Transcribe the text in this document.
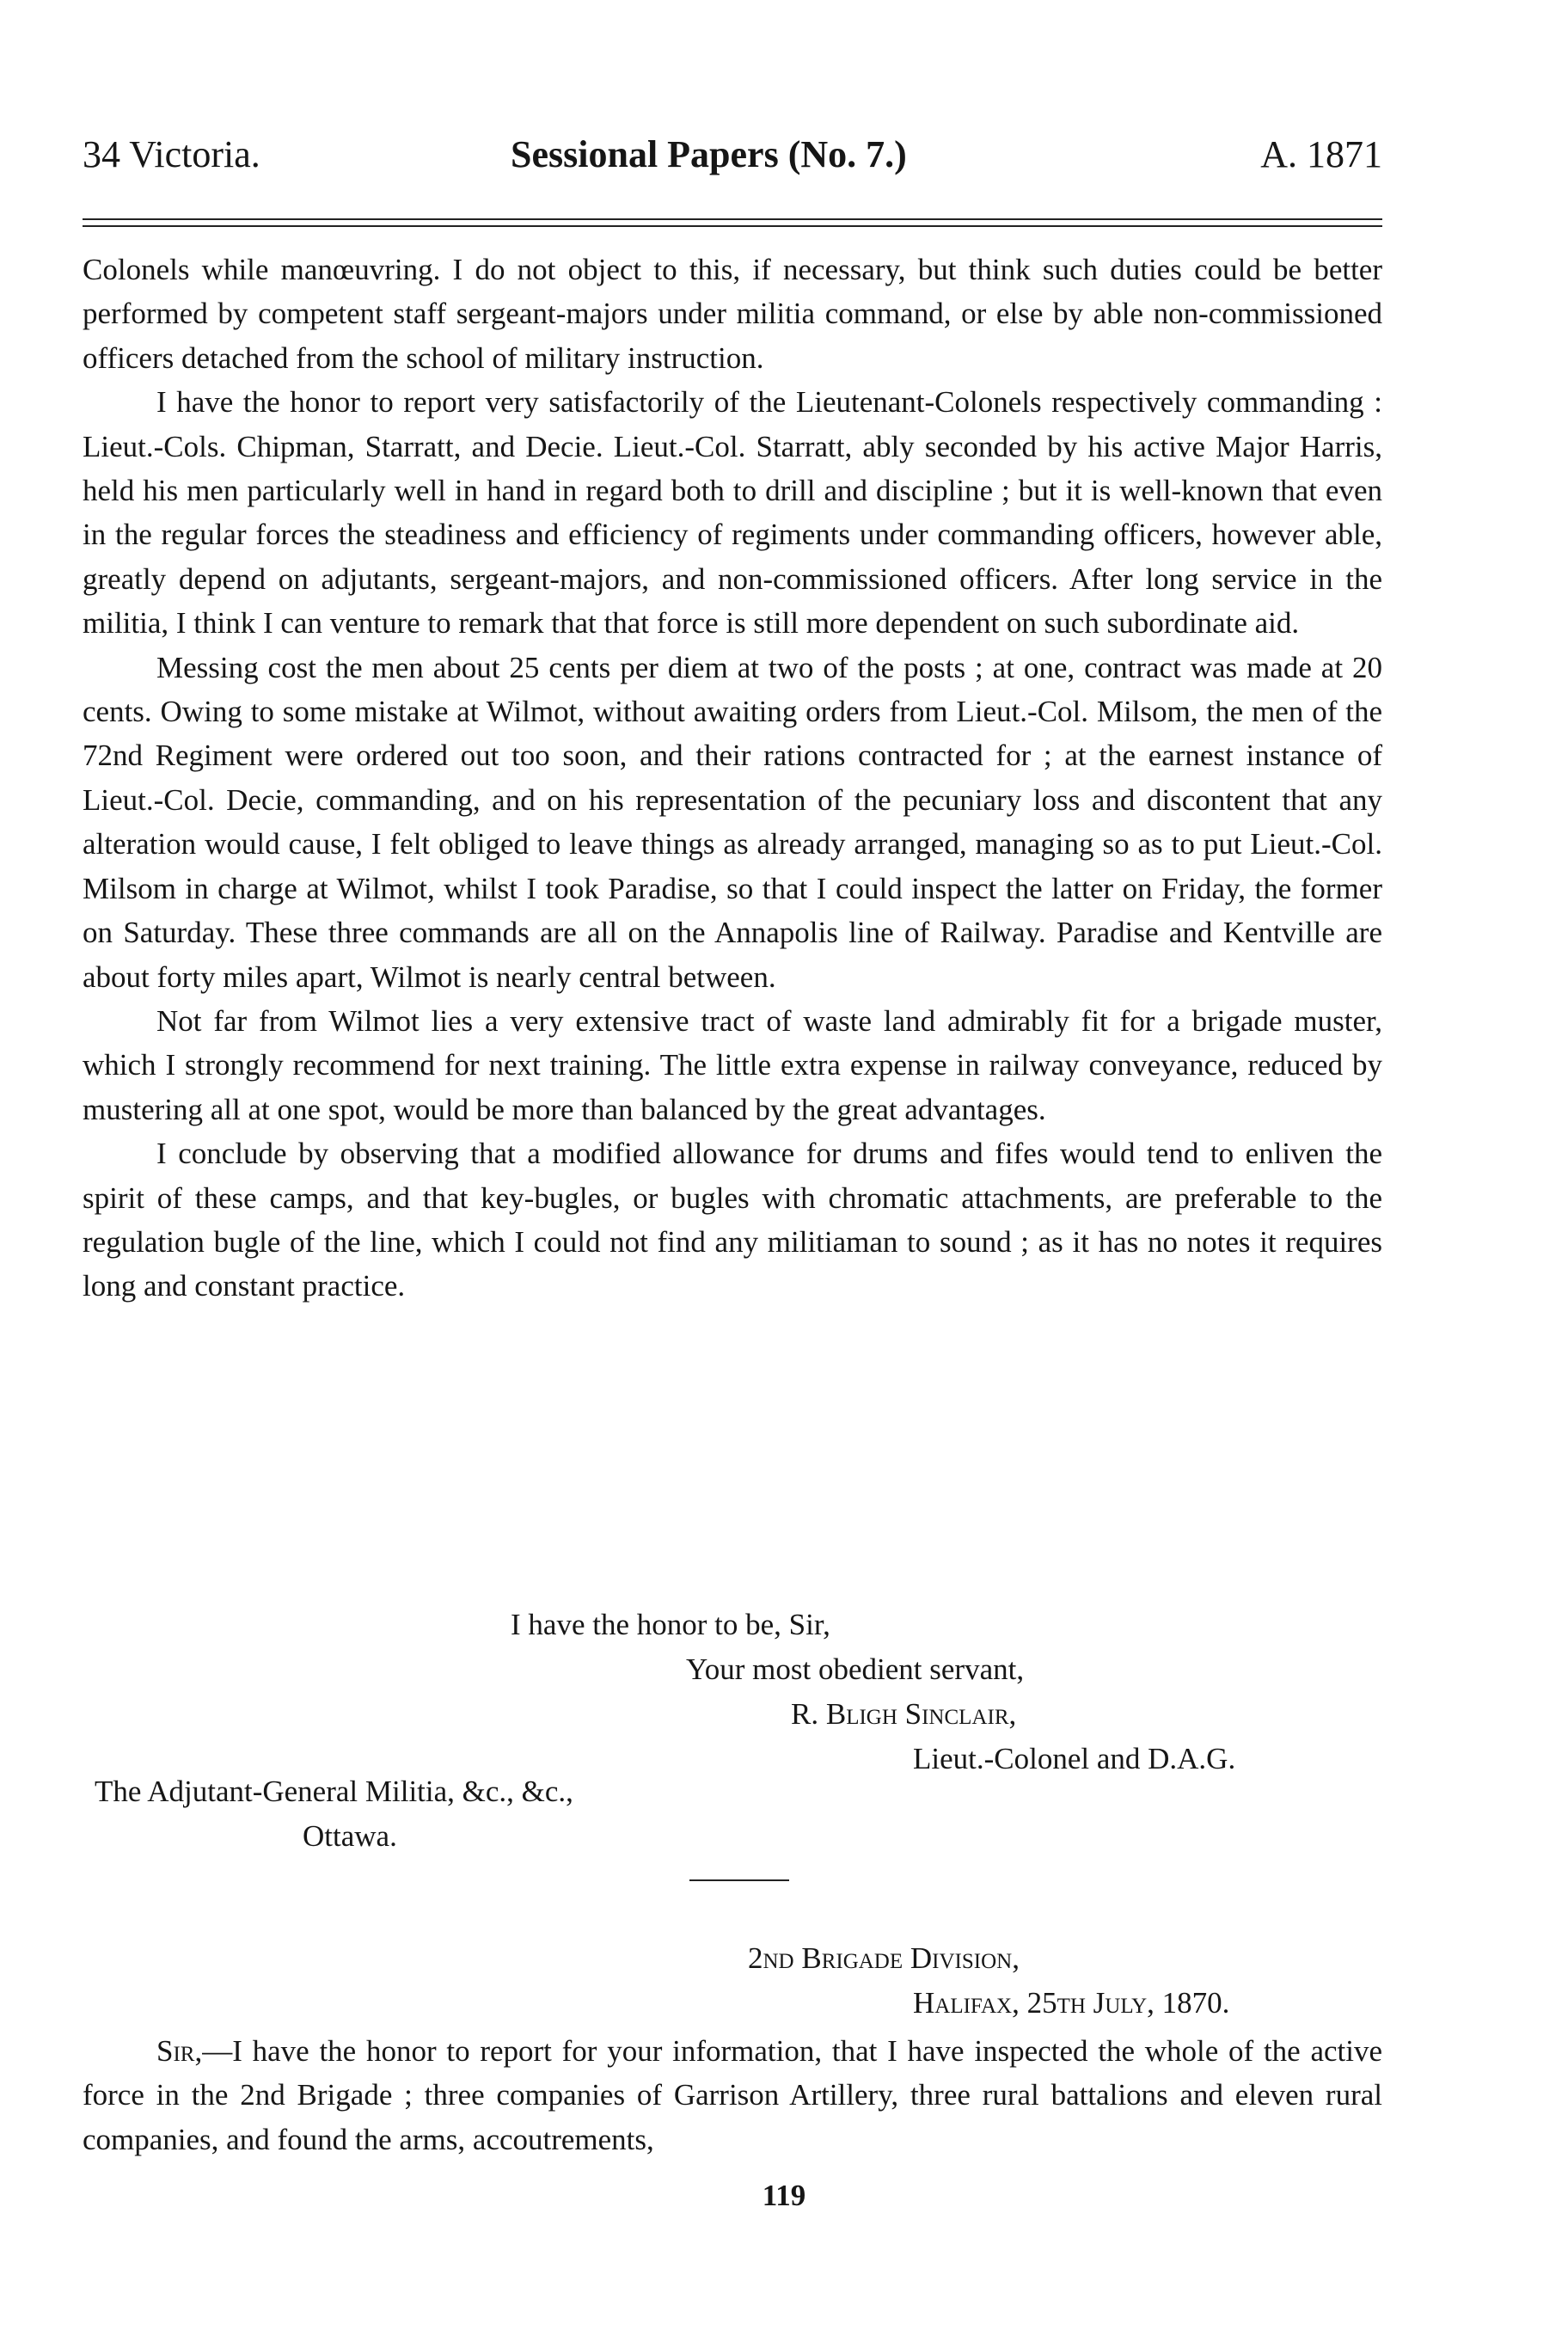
34 Victoria.	Sessional Papers (No. 7.)	A. 1871

Colonels while manœuvring. I do not object to this, if necessary, but think such duties could be better performed by competent staff sergeant-majors under militia command, or else by able non-commissioned officers detached from the school of military instruction.

I have the honor to report very satisfactorily of the Lieutenant-Colonels respectively commanding : Lieut.-Cols. Chipman, Starratt, and Decie. Lieut.-Col. Starratt, ably seconded by his active Major Harris, held his men particularly well in hand in regard both to drill and discipline ; but it is well-known that even in the regular forces the steadiness and efficiency of regiments under commanding officers, however able, greatly depend on adjutants, sergeant-majors, and non-commissioned officers. After long service in the militia, I think I can venture to remark that that force is still more dependent on such subordinate aid.

Messing cost the men about 25 cents per diem at two of the posts ; at one, contract was made at 20 cents. Owing to some mistake at Wilmot, without awaiting orders from Lieut.-Col. Milsom, the men of the 72nd Regiment were ordered out too soon, and their rations contracted for ; at the earnest instance of Lieut.-Col. Decie, commanding, and on his representation of the pecuniary loss and discontent that any alteration would cause, I felt obliged to leave things as already arranged, managing so as to put Lieut.-Col. Milsom in charge at Wilmot, whilst I took Paradise, so that I could inspect the latter on Friday, the former on Saturday. These three commands are all on the Annapolis line of Railway. Paradise and Kentville are about forty miles apart, Wilmot is nearly central between.

Not far from Wilmot lies a very extensive tract of waste land admirably fit for a brigade muster, which I strongly recommend for next training. The little extra expense in railway conveyance, reduced by mustering all at one spot, would be more than balanced by the great advantages.

I conclude by observing that a modified allowance for drums and fifes would tend to enliven the spirit of these camps, and that key-bugles, or bugles with chromatic attachments, are preferable to the regulation bugle of the line, which I could not find any militiaman to sound ; as it has no notes it requires long and constant practice.

I have the honor to be, Sir,
Your most obedient servant,
R. Bligh Sinclair,
Lieut.-Colonel and D.A.G.
The Adjutant-General Militia, &c., &c.,
Ottawa.
2nd Brigade Division,
Halifax, 25th July, 1870.

Sir,—I have the honor to report for your information, that I have inspected the whole of the active force in the 2nd Brigade ; three companies of Garrison Artillery, three rural battalions and eleven rural companies, and found the arms, accoutrements,

119
